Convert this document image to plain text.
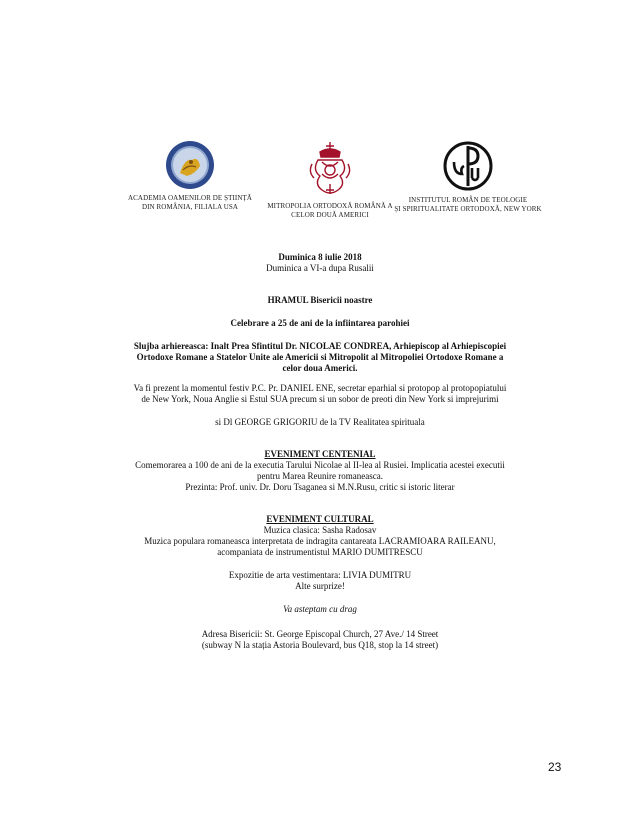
ACADEMIA OAMENILOR DE ȘTIINȚĂ
DIN ROMÂNIA, FILIALA USA	MITROPOLIA ORTODOXĂ ROMÂNĂ A
CELOR DOUĂ AMERICI
INSTITUTUL ROMÂN DE TEOLOGIE
ȘI SPIRITUALITATE ORTODOXĂ, NEW YORK

Duminica 8 iulie 2018

Duminica a VI-a dupa Rusalii

HRAMUL Bisericii noastre

Celebrare a 25 de ani de la infiintarea parohiei

Slujba arhiereasca: Inalt Prea Sfintitul Dr. NICOLAE CONDREA, Arhiepiscop al Arhiepiscopiei

Ortodoxe Romane a Statelor Unite ale Americii si Mitropolit al Mitropoliei Ortodoxe Romane a

celor doua Americi.

Va fi prezent la momentul festiv P.C. Pr. DANIEL ENE, secretar eparhial si protopop al protopopiatului

de New York, Noua Anglie si Estul SUA precum si un sobor de preoti din New York si imprejurimi

si Dl GEORGE GRIGORIU de la TV Realitatea spirituala

EVENIMENT CENTENIAL

Comemorarea a 100 de ani de la executia Tarului Nicolae al II-lea al Rusiei. Implicatia acestei executii

pentru Marea Reunire romaneasca.

Prezinta: Prof. univ. Dr. Doru Tsaganea si M.N.Rusu, critic si istoric literar

EVENIMENT CULTURAL

Muzica clasica: Sasha Radosav

Muzica populara romaneasca interpretata de indragita cantareata LACRAMIOARA RAILEANU,

acompaniata de instrumentistul MARIO DUMITRESCU

Expozitie de arta vestimentara: LIVIA DUMITRU

Alte surprize!

Va asteptam cu drag

Adresa Bisericii: St. George Episcopal Church, 27 Ave./ 14 Street

(subway N la stația Astoria Boulevard, bus Q18, stop la 14 street)

23
